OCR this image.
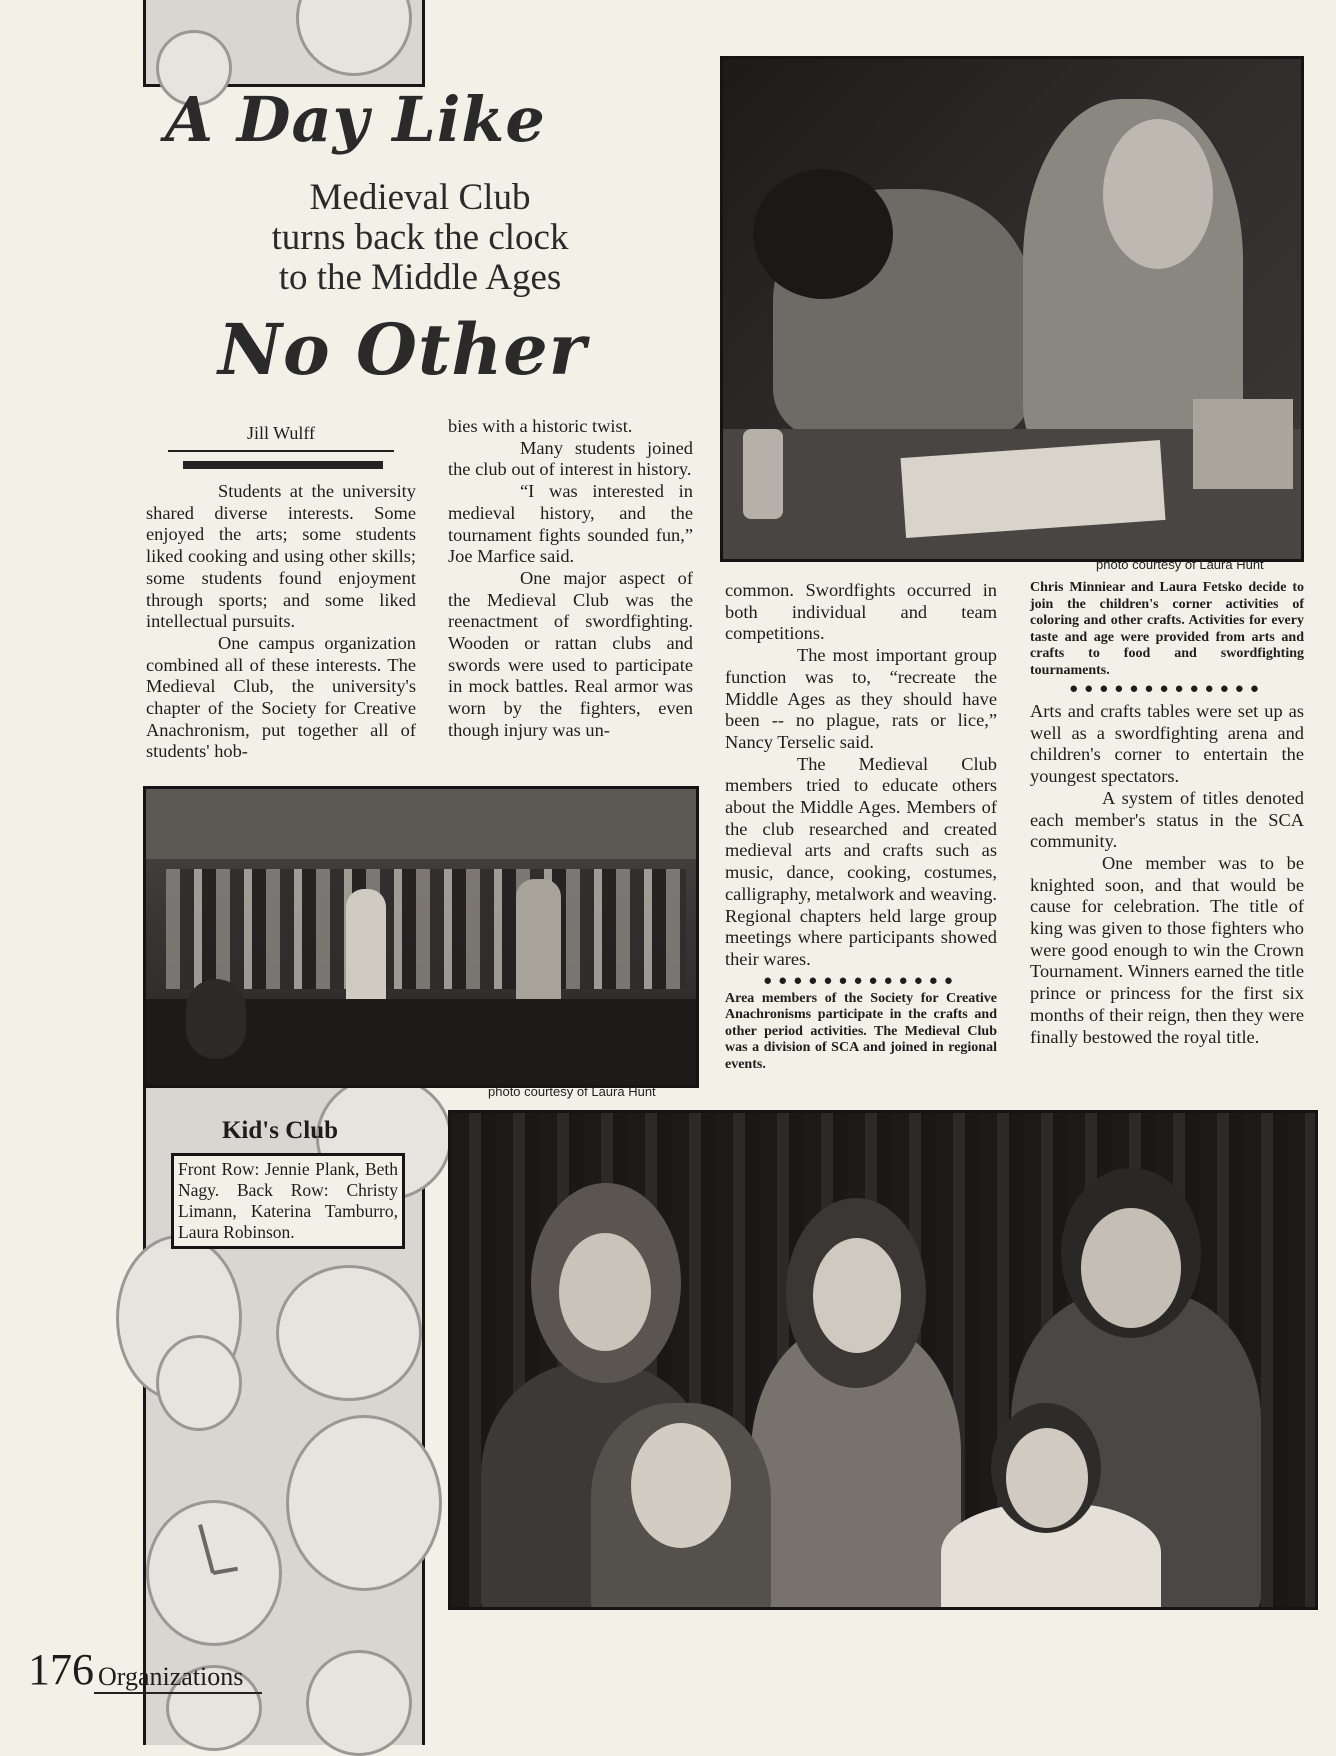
A Day Like
Medieval Club
turns back the clock
to the Middle Ages
No Other
Jill Wulff

Students at the university shared diverse interests. Some enjoyed the arts; some students liked cooking and using other skills; some students found enjoyment through sports; and some liked intellectual pursuits.

One campus organization combined all of these interests. The Medieval Club, the university's chapter of the Society for Creative Anachronism, put together all of students' hob-

bies with a historic twist.

Many students joined the club out of interest in history.

“I was interested in medieval history, and the tournament fights sounded fun,” Joe Marfice said.

One major aspect of the Medieval Club was the reenactment of swordfighting. Wooden or rattan clubs and swords were used to participate in mock battles. Real armor was worn by the fighters, even though injury was un-

photo courtesy of Laura Hunt

common. Swordfights occurred in both individual and team competitions.

The most important group function was to, “recreate the Middle Ages as they should have been -- no plague, rats or lice,” Nancy Terselic said.

The Medieval Club members tried to educate others about the Middle Ages. Members of the club researched and created medieval arts and crafts such as music, dance, cooking, costumes, calligraphy, metalwork and weaving. Regional chapters held large group meetings where participants showed their wares.

●●●●●●●●●●●●●
Area members of the Society for Creative Anachronisms participate in the crafts and other period activities. The Medieval Club was a division of SCA and joined in regional events.
Chris Minniear and Laura Fetsko decide to join the children's corner activities of coloring and other crafts. Activities for every taste and age were provided from arts and crafts to food and swordfighting tournaments.
●●●●●●●●●●●●●

Arts and crafts tables were set up as well as a swordfighting arena and children's corner to entertain the youngest spectators.

A system of titles denoted each member's status in the SCA community.

One member was to be knighted soon, and that would be cause for celebration. The title of king was given to those fighters who were good enough to win the Crown Tournament. Winners earned the title prince or princess for the first six months of their reign, then they were finally bestowed the royal title.

photo courtesy of Laura Hunt
Kid's Club
Front Row: Jennie Plank, Beth Nagy. Back Row: Christy Limann, Katerina Tamburro, Laura Robinson.
176 Organizations
